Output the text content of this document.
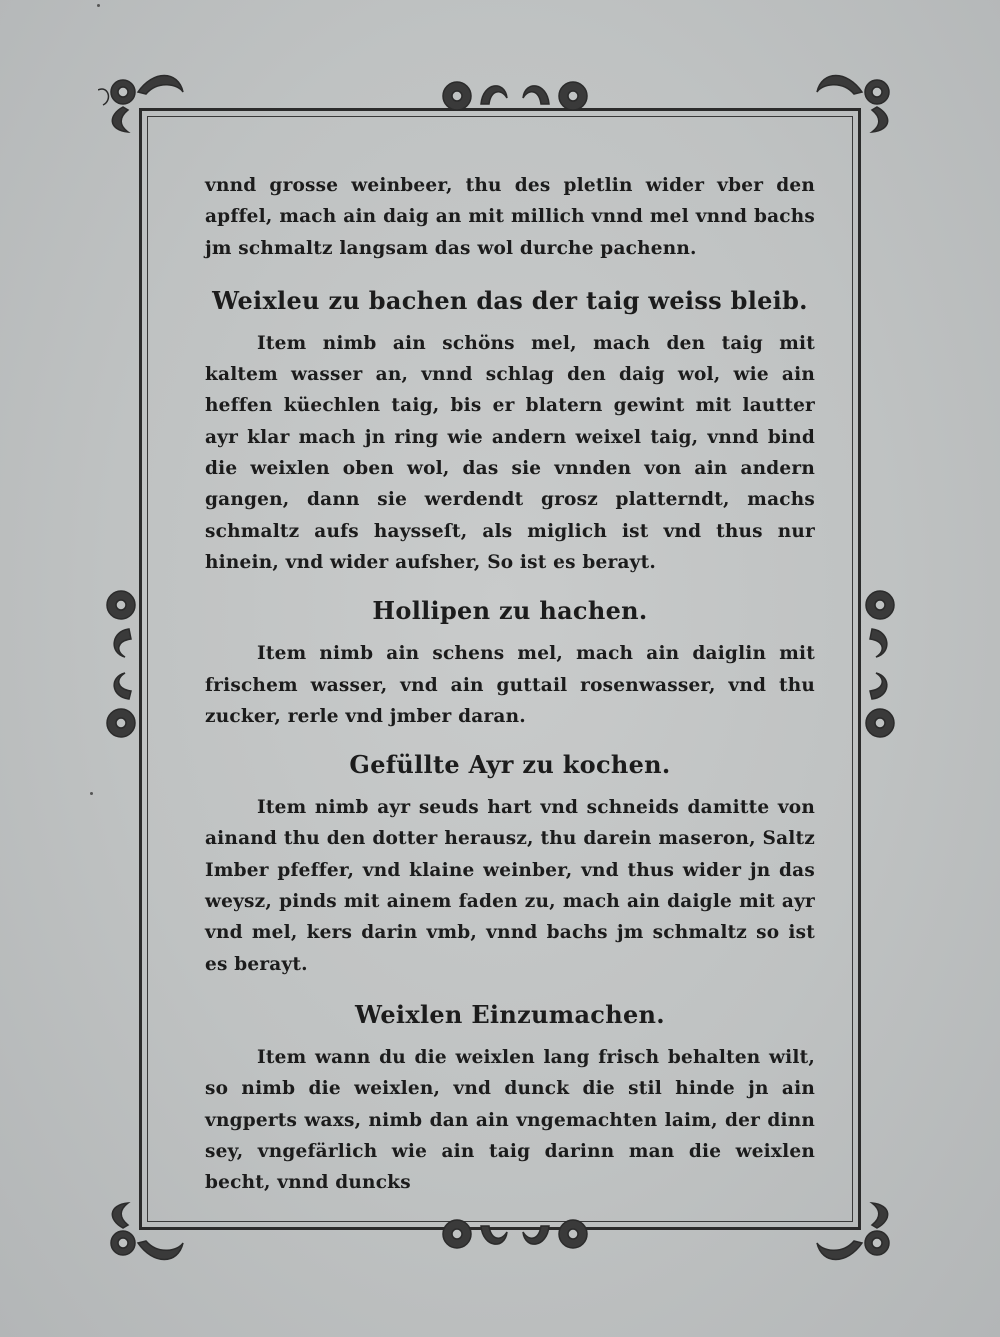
vnnd grosse weinbeer, thu des pletlin wider vber den apffel, mach ain daig an mit millich vnnd mel vnnd bachs jm schmaltz langsam das wol durche pachenn.

Weixleu zu bachen das der taig weiss bleib.

Item nimb ain schöns mel, mach den taig mit kaltem wasser an, vnnd schlag den daig wol, wie ain heffen küechlen taig, bis er blatern gewint mit lautter ayr klar mach jn ring wie andern weixel taig, vnnd bind die weixlen oben wol, das sie vnnden von ain andern gangen, dann sie werdendt grosz platterndt, machs schmaltz aufs haysseſt, als miglich ist vnd thus nur hinein, vnd wider aufsher, So ist es berayt.

Hollipen zu hachen.

Item nimb ain schens mel, mach ain daiglin mit frischem wasser, vnd ain guttail rosenwasser, vnd thu zucker, rerle vnd jmber daran.

Gefüllte Ayr zu kochen.

Item nimb ayr seuds hart vnd schneids damitte von ainand thu den dotter herausz, thu darein maseron, Saltz Imber pfeffer, vnd klaine weinber, vnd thus wider jn das weysz, pinds mit ainem faden zu, mach ain daigle mit ayr vnd mel, kers darin vmb, vnnd bachs jm schmaltz so ist es berayt.

Weixlen Einzumachen.

Item wann du die weixlen lang frisch behalten wilt, so nimb die weixlen, vnd dunck die stil hinde jn ain vngperts waxs, nimb dan ain vngemachten laim, der dinn sey, vngefärlich wie ain taig darinn man die weixlen becht, vnnd duncks
